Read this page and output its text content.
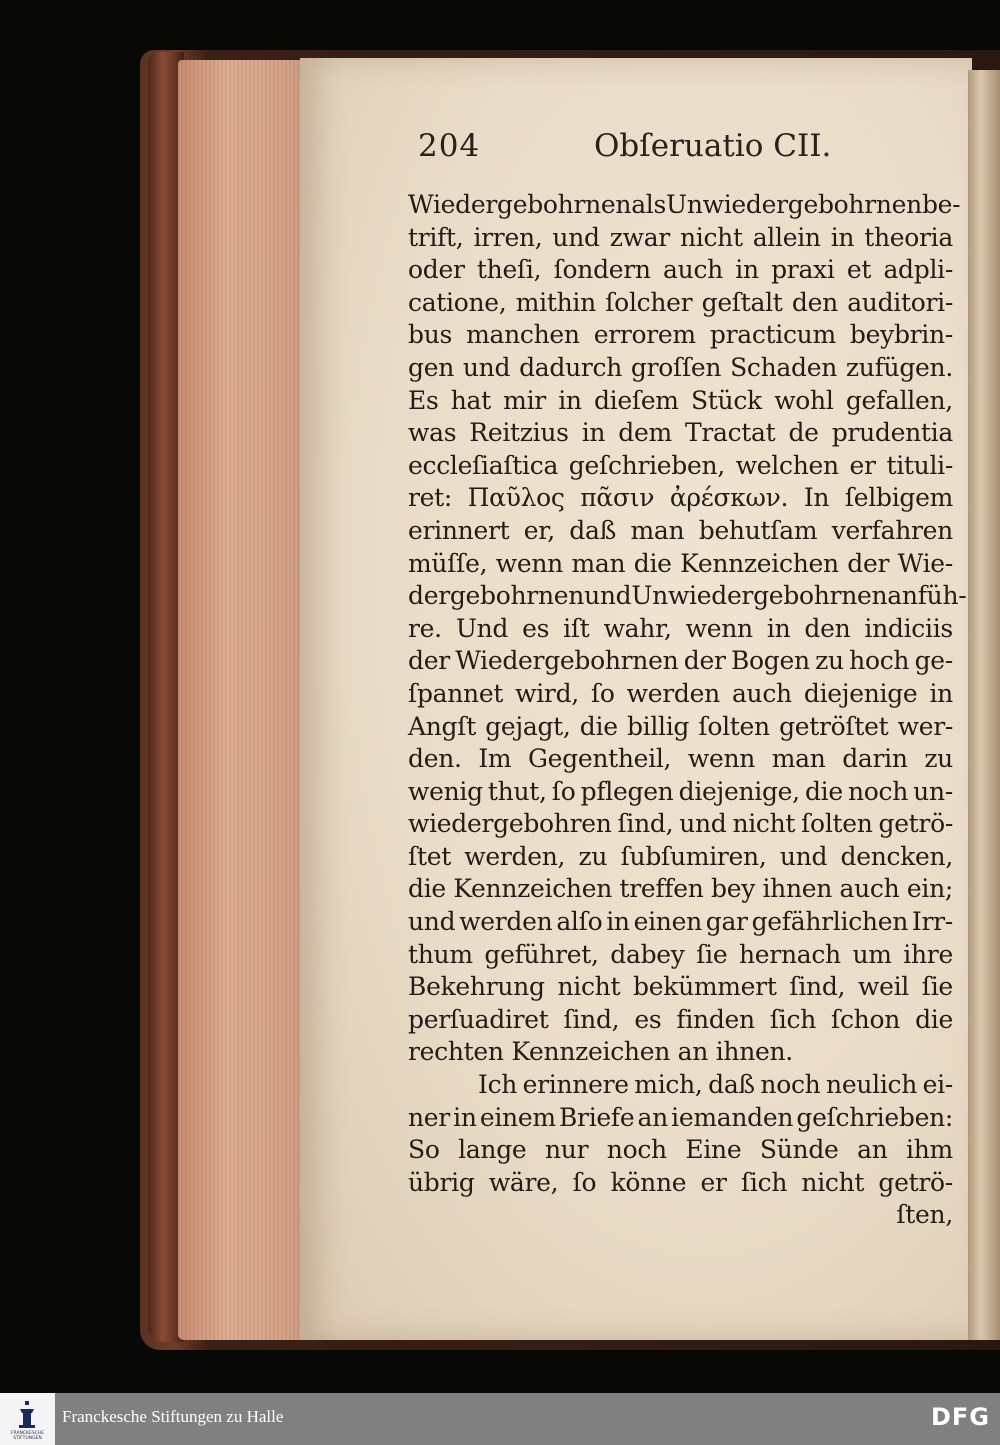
204	Obſeruatio CII.
Wiedergebohrnen als Unwiedergebohrnen be-
trift, irren, und zwar nicht allein in theoria
oder theſi, ſondern auch in praxi et adpli-
catione, mithin ſolcher geſtalt den auditori-
bus manchen errorem practicum beybrin-
gen und dadurch groſſen Schaden zufügen.
Es hat mir in dieſem Stück wohl gefallen,
was Reitzius in dem Tractat de prudentia
eccleſiaſtica geſchrieben, welchen er tituli-
ret: Παῦλος πᾶσιν ἀρέσκων. In ſelbigem
erinnert er, daß man behutſam verfahren
müſſe, wenn man die Kennzeichen der Wie-
dergebohrnen und Unwiedergebohrnen anfüh-
re. Und es iſt wahr, wenn in den indiciis
der Wiedergebohrnen der Bogen zu hoch ge-
ſpannet wird, ſo werden auch diejenige in
Angſt gejagt, die billig ſolten getröſtet wer-
den. Im Gegentheil, wenn man darin zu
wenig thut, ſo pflegen diejenige, die noch un-
wiedergebohren ſind, und nicht ſolten getrö-
ſtet werden, zu ſubſumiren, und dencken,
die Kennzeichen treffen bey ihnen auch ein;
und werden alſo in einen gar gefährlichen Irr-
thum geführet, dabey ſie hernach um ihre
Bekehrung nicht bekümmert ſind, weil ſie
perſuadiret ſind, es finden ſich ſchon die
rechten Kennzeichen an ihnen.
Ich erinnere mich, daß noch neulich ei-
ner in einem Briefe an iemanden geſchrieben:
So lange nur noch Eine Sünde an ihm
übrig wäre, ſo könne er ſich nicht getrö-
ſten,
FRANCKESCHE
STIFTUNGEN
Franckesche Stiftungen zu Halle	DFG
